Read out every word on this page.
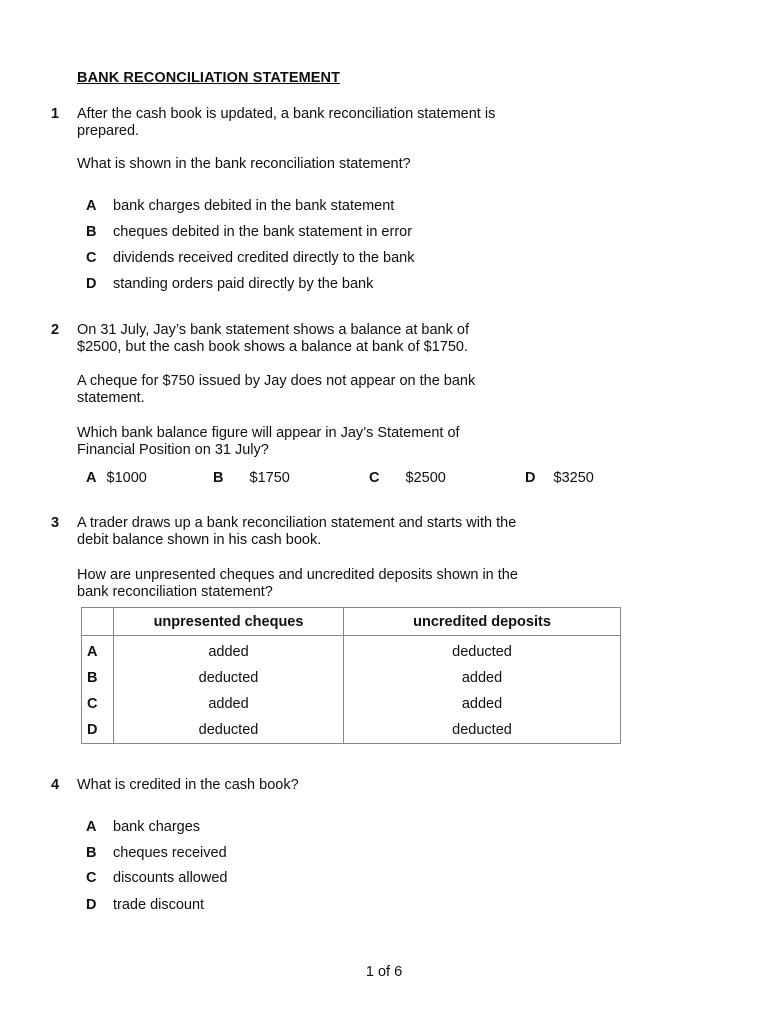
BANK RECONCILIATION STATEMENT
1 After the cash book is updated, a bank reconciliation statement is prepared.
What is shown in the bank reconciliation statement?
A bank charges debited in the bank statement
B cheques debited in the bank statement in error
C dividends received credited directly to the bank
D standing orders paid directly by the bank
2 On 31 July, Jay’s bank statement shows a balance at bank of $2500, but the cash book shows a balance at bank of $1750.
A cheque for $750 issued by Jay does not appear on the bank statement.
Which bank balance figure will appear in Jay’s Statement of Financial Position on 31 July?
A $1000	B $1750	C $2500	D $3250
3 A trader draws up a bank reconciliation statement and starts with the debit balance shown in his cash book.
How are unpresented cheques and uncredited deposits shown in the bank reconciliation statement?
	unpresented cheques	uncredited deposits
A	added	deducted
B	deducted	added
C	added	added
D	deducted	deducted
4 What is credited in the cash book?
A bank charges
B cheques received
C discounts allowed
D trade discount
1 of 6
